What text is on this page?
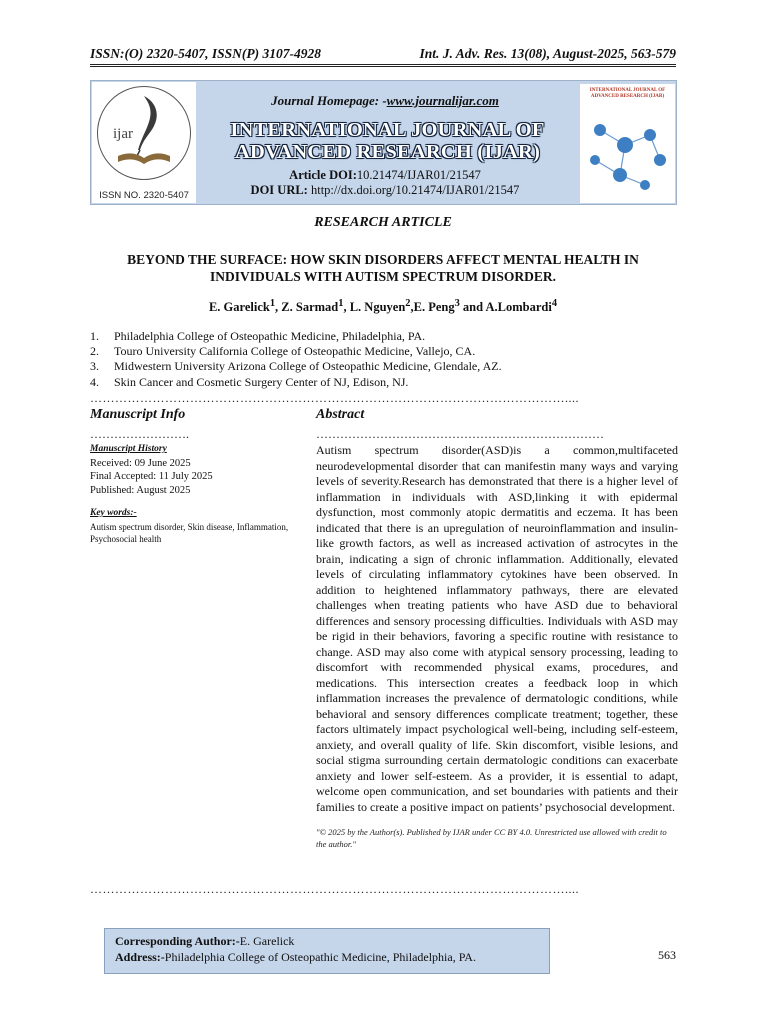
ISSN:(O) 2320-5407, ISSN(P) 3107-4928	Int. J. Adv. Res. 13(08), August-2025, 563-579
ijar
ISSN NO. 2320-5407
Journal Homepage: -www.journalijar.com
INTERNATIONAL JOURNAL OF
ADVANCED RESEARCH (IJAR)
Article DOI:10.21474/IJAR01/21547
DOI URL: http://dx.doi.org/10.21474/IJAR01/21547
INTERNATIONAL JOURNAL OF ADVANCED RESEARCH (IJAR)
RESEARCH ARTICLE
BEYOND THE SURFACE: HOW SKIN DISORDERS AFFECT MENTAL HEALTH IN INDIVIDUALS WITH AUTISM SPECTRUM DISORDER.
E. Garelick$^1$, Z. Sarmad$^1$, L. Nguyen$^2$,E. Peng$^3$ and A.Lombardi$^4$
1.	Philadelphia College of Osteopathic Medicine, Philadelphia, PA.
2.	Touro University California College of Osteopathic Medicine, Vallejo, CA.
3.	Midwestern University Arizona College of Osteopathic Medicine, Glendale, AZ.
4.	Skin Cancer and Cosmetic Surgery Center of NJ, Edison, NJ.
……………………………………………………………………………………………………....
Manuscript Info
…………………….
Manuscript History
Received: 09 June 2025
Final Accepted: 11 July 2025
Published: August 2025
Key words:-
Autism spectrum disorder, Skin disease, Inflammation, Psychosocial health
Abstract
………………………………………………………………
Autism spectrum disorder(ASD)is a common,multifaceted neurodevelopmental disorder that can manifestin many ways and varying levels of severity.Research has demonstrated that there is a higher level of inflammation in individuals with ASD,linking it with epidermal dysfunction, most commonly atopic dermatitis and eczema. It has been indicated that there is an upregulation of neuroinflammation and insulin-like growth factors, as well as increased activation of astrocytes in the brain, indicating a sign of chronic inflammation. Additionally, elevated levels of circulating inflammatory cytokines have been observed. In addition to heightened inflammatory pathways, there are elevated challenges when treating patients who have ASD due to behavioral differences and sensory processing difficulties. Individuals with ASD may be rigid in their behaviors, favoring a specific routine with resistance to change. ASD may also come with atypical sensory processing, leading to discomfort with recommended physical exams, procedures, and medications. This intersection creates a feedback loop in which inflammation increases the prevalence of dermatologic conditions, while behavioral and sensory differences complicate treatment; together, these factors ultimately impact psychological well-being, including self-esteem, anxiety, and overall quality of life. Skin discomfort, visible lesions, and social stigma surrounding certain dermatologic conditions can exacerbate anxiety and lower self-esteem. As a provider, it is essential to adapt, welcome open communication, and set boundaries with patients and their families to create a positive impact on patients’ psychosocial development.
"© 2025 by the Author(s). Published by IJAR under CC BY 4.0. Unrestricted use allowed with credit to the author."
……………………………………………………………………………………………………....
Corresponding Author:-E. Garelick
Address:-Philadelphia College of Osteopathic Medicine, Philadelphia, PA.	563
